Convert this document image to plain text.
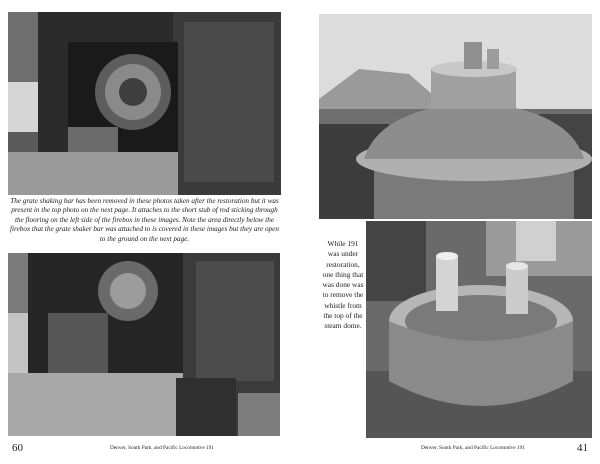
The grate shaking bar has been removed in these photos taken after the restoration but it was present in the top photo on the next page. It attaches to the short stub of rod sticking through the flooring on the left side of the firebox in these images. Note the area directly below the firebox that the grate shaker bar was attached to is covered in these images but they are open to the ground on the next page.
60	Denver, South Park, and Pacific Locomotive 191
While 191 was under restoration, one thing that was done was to remove the whistle from the top of the steam dome.
Denver, South Park, and Pacific Locomotive 191	41
